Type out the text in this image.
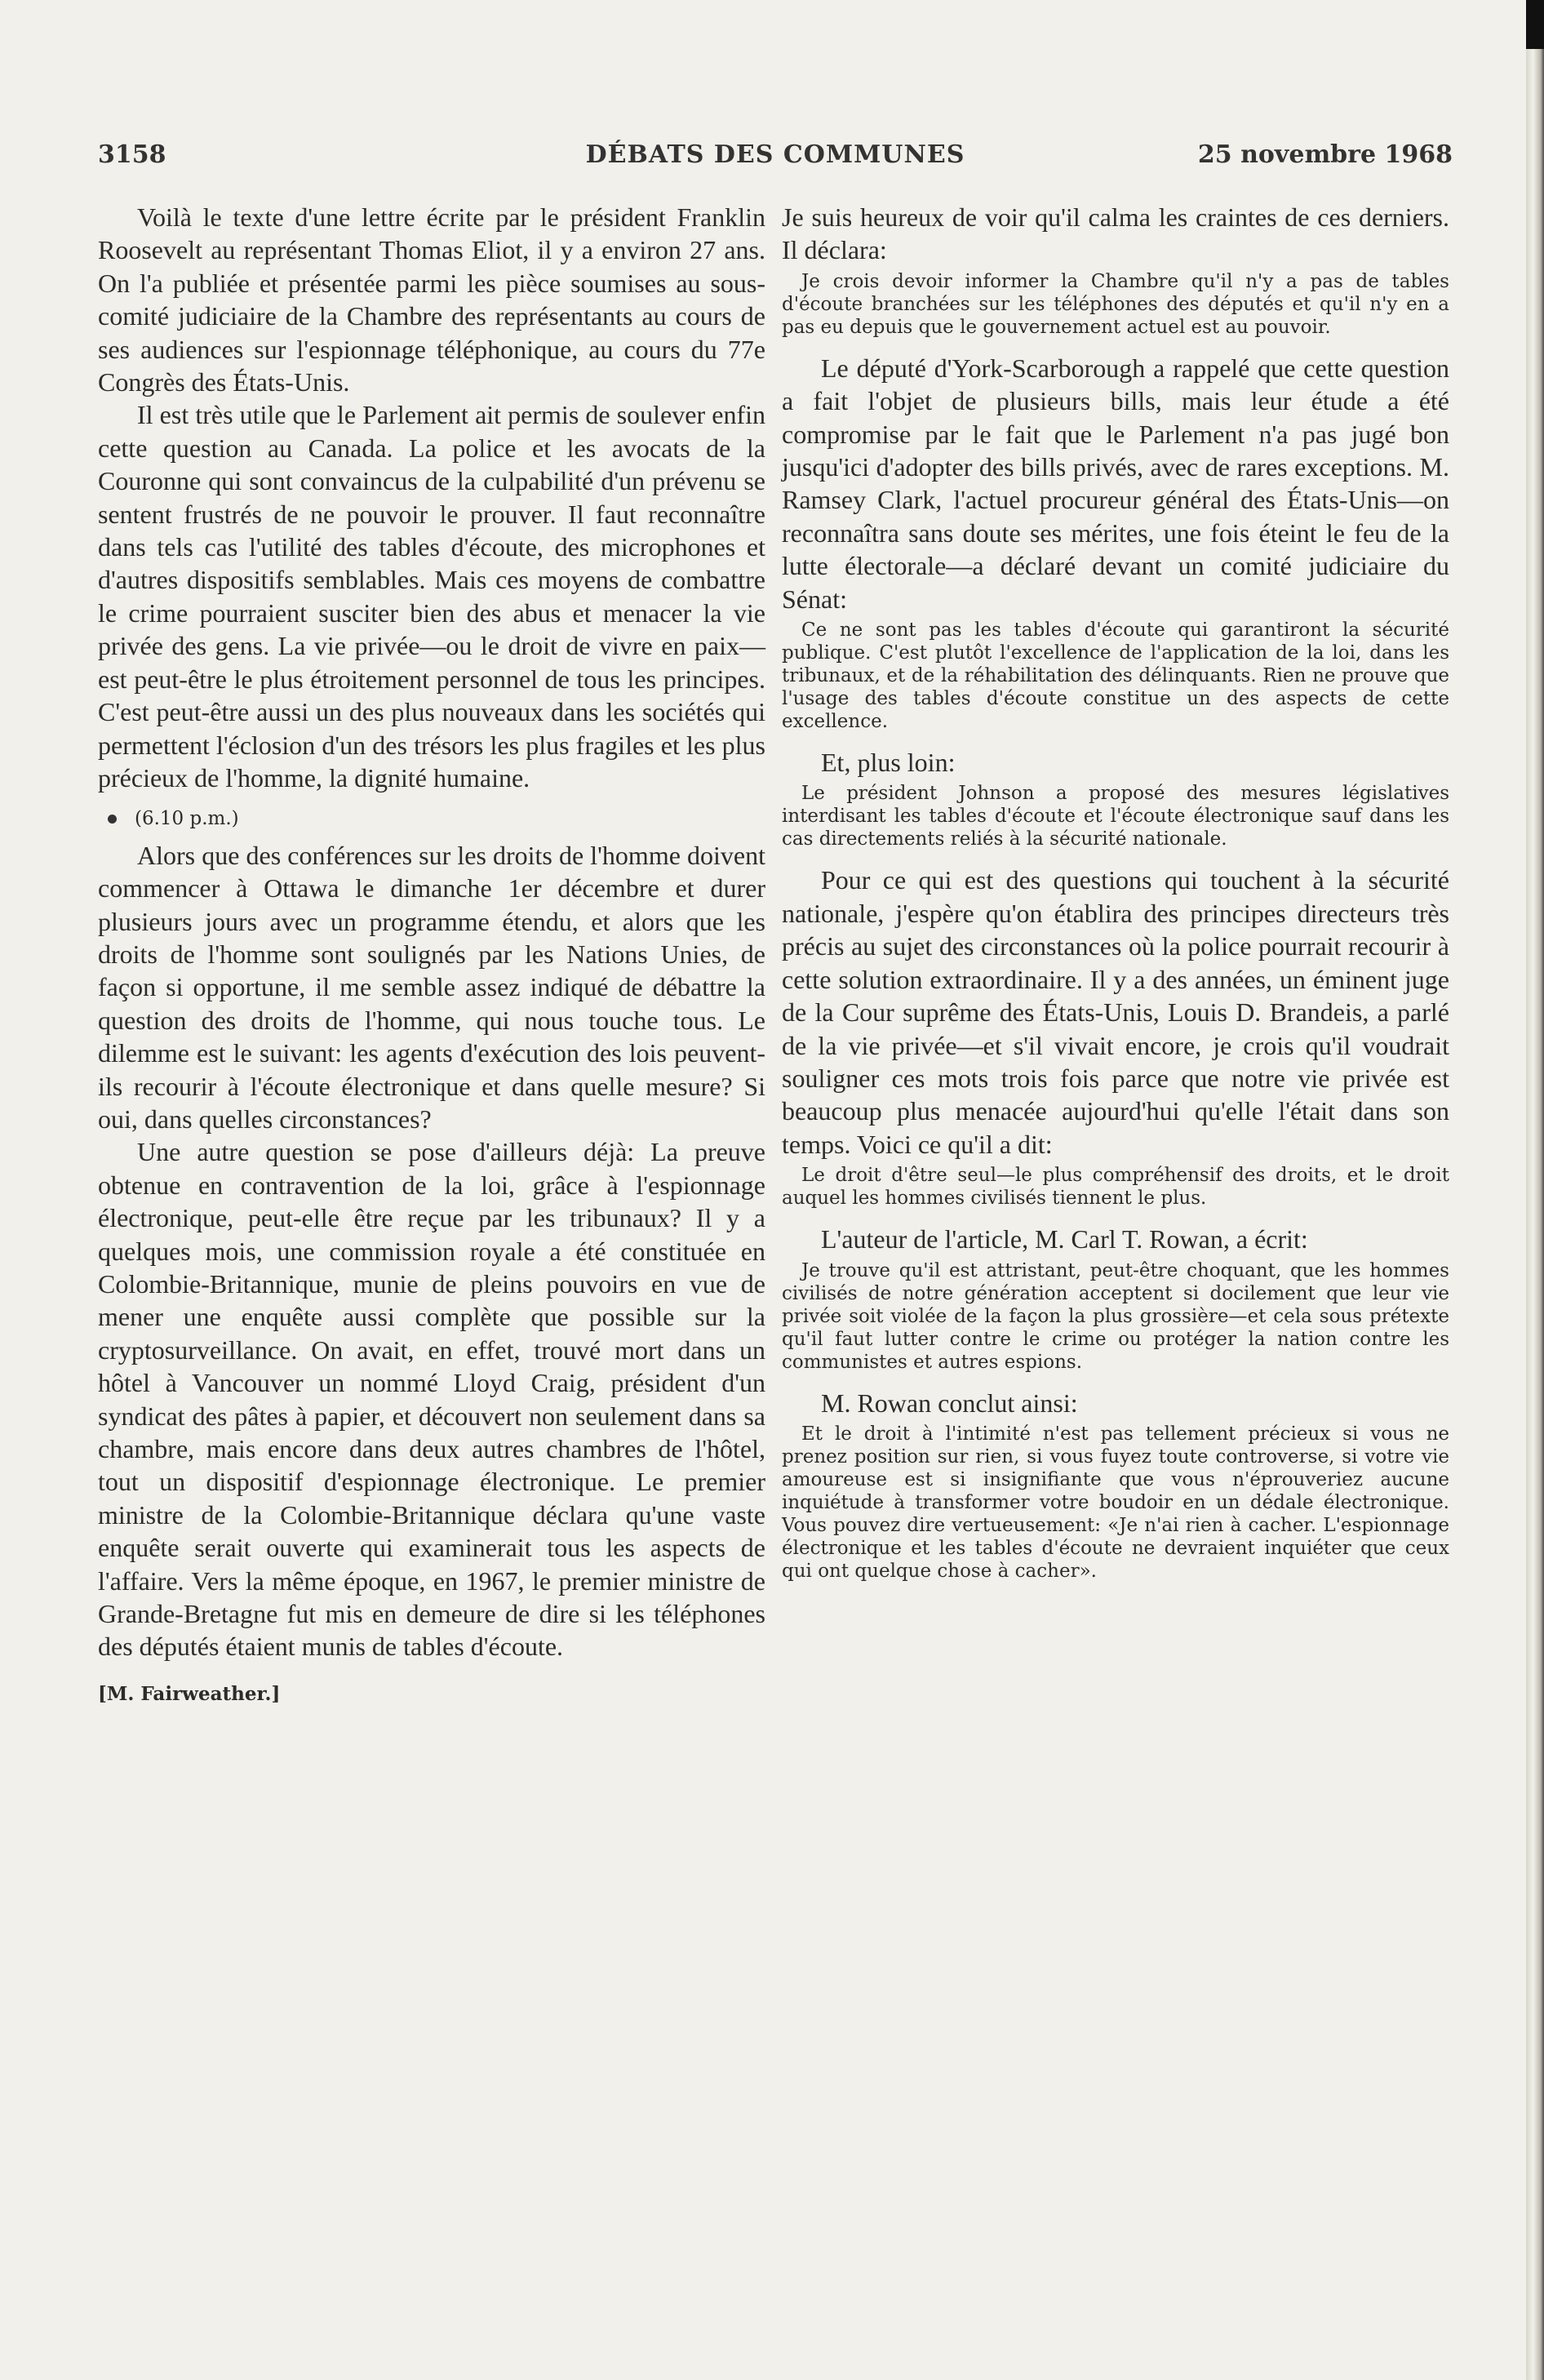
3158	DÉBATS DES COMMUNES	25 novembre 1968

Voilà le texte d'une lettre écrite par le président Franklin Roosevelt au représentant Thomas Eliot, il y a environ 27 ans. On l'a publiée et présentée parmi les pièce soumises au sous-comité judiciaire de la Chambre des représentants au cours de ses audiences sur l'espionnage téléphonique, au cours du 77e Congrès des États-Unis.

Il est très utile que le Parlement ait permis de soulever enfin cette question au Canada. La police et les avocats de la Couronne qui sont convaincus de la culpabilité d'un prévenu se sentent frustrés de ne pouvoir le prouver. Il faut reconnaître dans tels cas l'utilité des tables d'écoute, des microphones et d'autres dispositifs semblables. Mais ces moyens de combattre le crime pourraient susciter bien des abus et menacer la vie privée des gens. La vie privée—ou le droit de vivre en paix—est peut-être le plus étroitement personnel de tous les principes. C'est peut-être aussi un des plus nouveaux dans les sociétés qui permettent l'éclosion d'un des trésors les plus fragiles et les plus précieux de l'homme, la dignité humaine.

(6.10 p.m.)

Alors que des conférences sur les droits de l'homme doivent commencer à Ottawa le dimanche 1er décembre et durer plusieurs jours avec un programme étendu, et alors que les droits de l'homme sont soulignés par les Nations Unies, de façon si opportune, il me semble assez indiqué de débattre la question des droits de l'homme, qui nous touche tous. Le dilemme est le suivant: les agents d'exécution des lois peuvent-ils recourir à l'écoute électronique et dans quelle mesure? Si oui, dans quelles circonstances?

Une autre question se pose d'ailleurs déjà: La preuve obtenue en contravention de la loi, grâce à l'espionnage électronique, peut-elle être reçue par les tribunaux? Il y a quelques mois, une commission royale a été constituée en Colombie-Britannique, munie de pleins pouvoirs en vue de mener une enquête aussi complète que possible sur la cryptosurveillance. On avait, en effet, trouvé mort dans un hôtel à Vancouver un nommé Lloyd Craig, président d'un syndicat des pâtes à papier, et découvert non seulement dans sa chambre, mais encore dans deux autres chambres de l'hôtel, tout un dispositif d'espionnage électronique. Le premier ministre de la Colombie-Britannique déclara qu'une vaste enquête serait ouverte qui examinerait tous les aspects de l'affaire. Vers la même époque, en 1967, le premier ministre de Grande-Bretagne fut mis en demeure de dire si les téléphones des députés étaient munis de tables d'écoute.

[M. Fairweather.]

Je suis heureux de voir qu'il calma les craintes de ces derniers. Il déclara:

Je crois devoir informer la Chambre qu'il n'y a pas de tables d'écoute branchées sur les téléphones des députés et qu'il n'y en a pas eu depuis que le gouvernement actuel est au pouvoir.

Le député d'York-Scarborough a rappelé que cette question a fait l'objet de plusieurs bills, mais leur étude a été compromise par le fait que le Parlement n'a pas jugé bon jusqu'ici d'adopter des bills privés, avec de rares exceptions. M. Ramsey Clark, l'actuel procureur général des États-Unis—on reconnaîtra sans doute ses mérites, une fois éteint le feu de la lutte électorale—a déclaré devant un comité judiciaire du Sénat:

Ce ne sont pas les tables d'écoute qui garantiront la sécurité publique. C'est plutôt l'excellence de l'application de la loi, dans les tribunaux, et de la réhabilitation des délinquants. Rien ne prouve que l'usage des tables d'écoute constitue un des aspects de cette excellence.

Et, plus loin:

Le président Johnson a proposé des mesures législatives interdisant les tables d'écoute et l'écoute électronique sauf dans les cas directements reliés à la sécurité nationale.

Pour ce qui est des questions qui touchent à la sécurité nationale, j'espère qu'on établira des principes directeurs très précis au sujet des circonstances où la police pourrait recourir à cette solution extraordinaire. Il y a des années, un éminent juge de la Cour suprême des États-Unis, Louis D. Brandeis, a parlé de la vie privée—et s'il vivait encore, je crois qu'il voudrait souligner ces mots trois fois parce que notre vie privée est beaucoup plus menacée aujourd'hui qu'elle l'était dans son temps. Voici ce qu'il a dit:

Le droit d'être seul—le plus compréhensif des droits, et le droit auquel les hommes civilisés tiennent le plus.

L'auteur de l'article, M. Carl T. Rowan, a écrit:

Je trouve qu'il est attristant, peut-être choquant, que les hommes civilisés de notre génération acceptent si docilement que leur vie privée soit violée de la façon la plus grossière—et cela sous prétexte qu'il faut lutter contre le crime ou protéger la nation contre les communistes et autres espions.

M. Rowan conclut ainsi:

Et le droit à l'intimité n'est pas tellement précieux si vous ne prenez position sur rien, si vous fuyez toute controverse, si votre vie amoureuse est si insignifiante que vous n'éprouveriez aucune inquiétude à transformer votre boudoir en un dédale électronique. Vous pouvez dire vertueusement: «Je n'ai rien à cacher. L'espionnage électronique et les tables d'écoute ne devraient inquiéter que ceux qui ont quelque chose à cacher».
